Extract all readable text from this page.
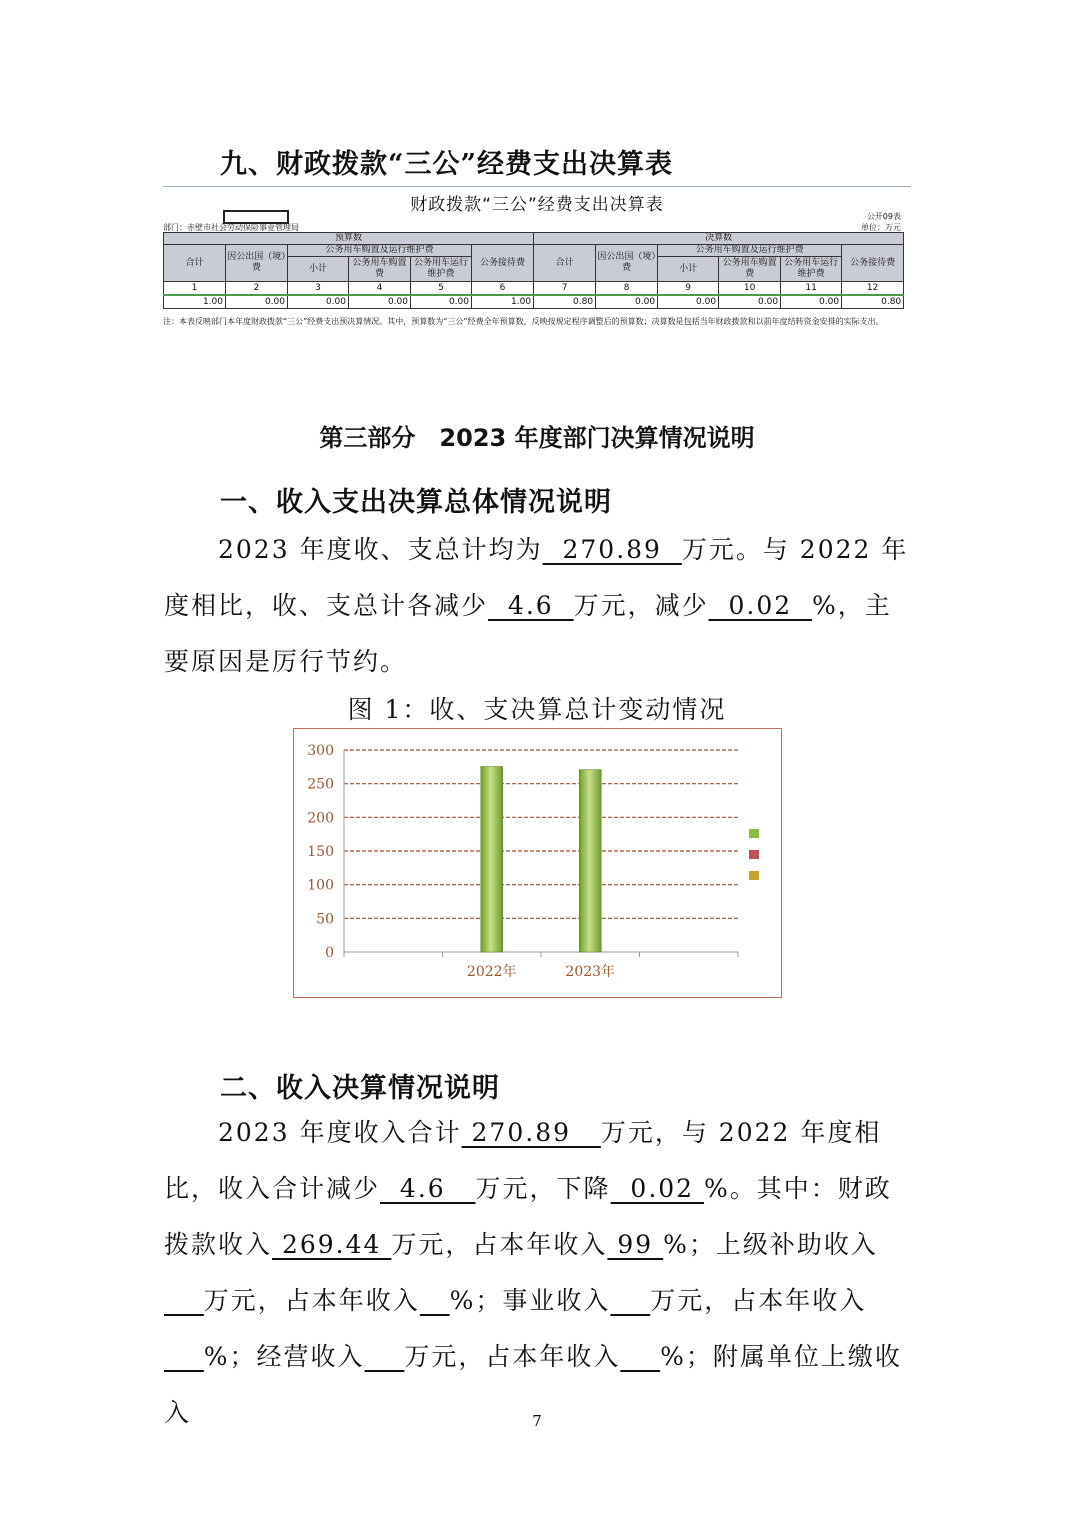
九、财政拨款“三公”经费支出决算表
财政拨款“三公”经费支出决算表
公开09表
部门：赤壁市社会劳动保险事业管理局	单位：万元
预算数						决算数					
合计	因公出国（境）费	公务用车购置及运行维护费			公务接待费	合计	因公出国（境）费	公务用车购置及运行维护费			公务接待费
		小计	公务用车购置费	公务用车运行维护费				小计	公务用车购置费	公务用车运行维护费	
1	2	3	4	5	6	7	8	9	10	11	12
1.00	0.00	0.00	0.00	0.00	1.00	0.80	0.00	0.00	0.00	0.00	0.80
注：本表反映部门本年度财政拨款“三公”经费支出预决算情况。其中，预算数为“三公”经费全年预算数，反映按规定程序调整后的预算数；决算数是包括当年财政拨款和以前年度结转资金安排的实际支出。
第三部分 2023 年度部门决算情况说明
一、收入支出决算总体情况说明

2023 年度收、支总计均为  270.89  万元。与 2022 年度相比，收、支总计各减少  4.6  万元，减少  0.02  %，主要原因是厉行节约。

图 1：收、支决算总计变动情况
0
50
100
150
200
250
300
2022年	2023年
二、收入决算情况说明

2023 年度收入合计 270.89   万元，与 2022 年度相比，收入合计减少  4.6   万元，下降  0.02 %。其中：财政拨款收入 269.44 万元，占本年收入 99 %；上级补助收入    万元，占本年收入 %；事业收入 万元，占本年收入    %；经营收入 万元，占本年收入 %；附属单位上缴收入	7
